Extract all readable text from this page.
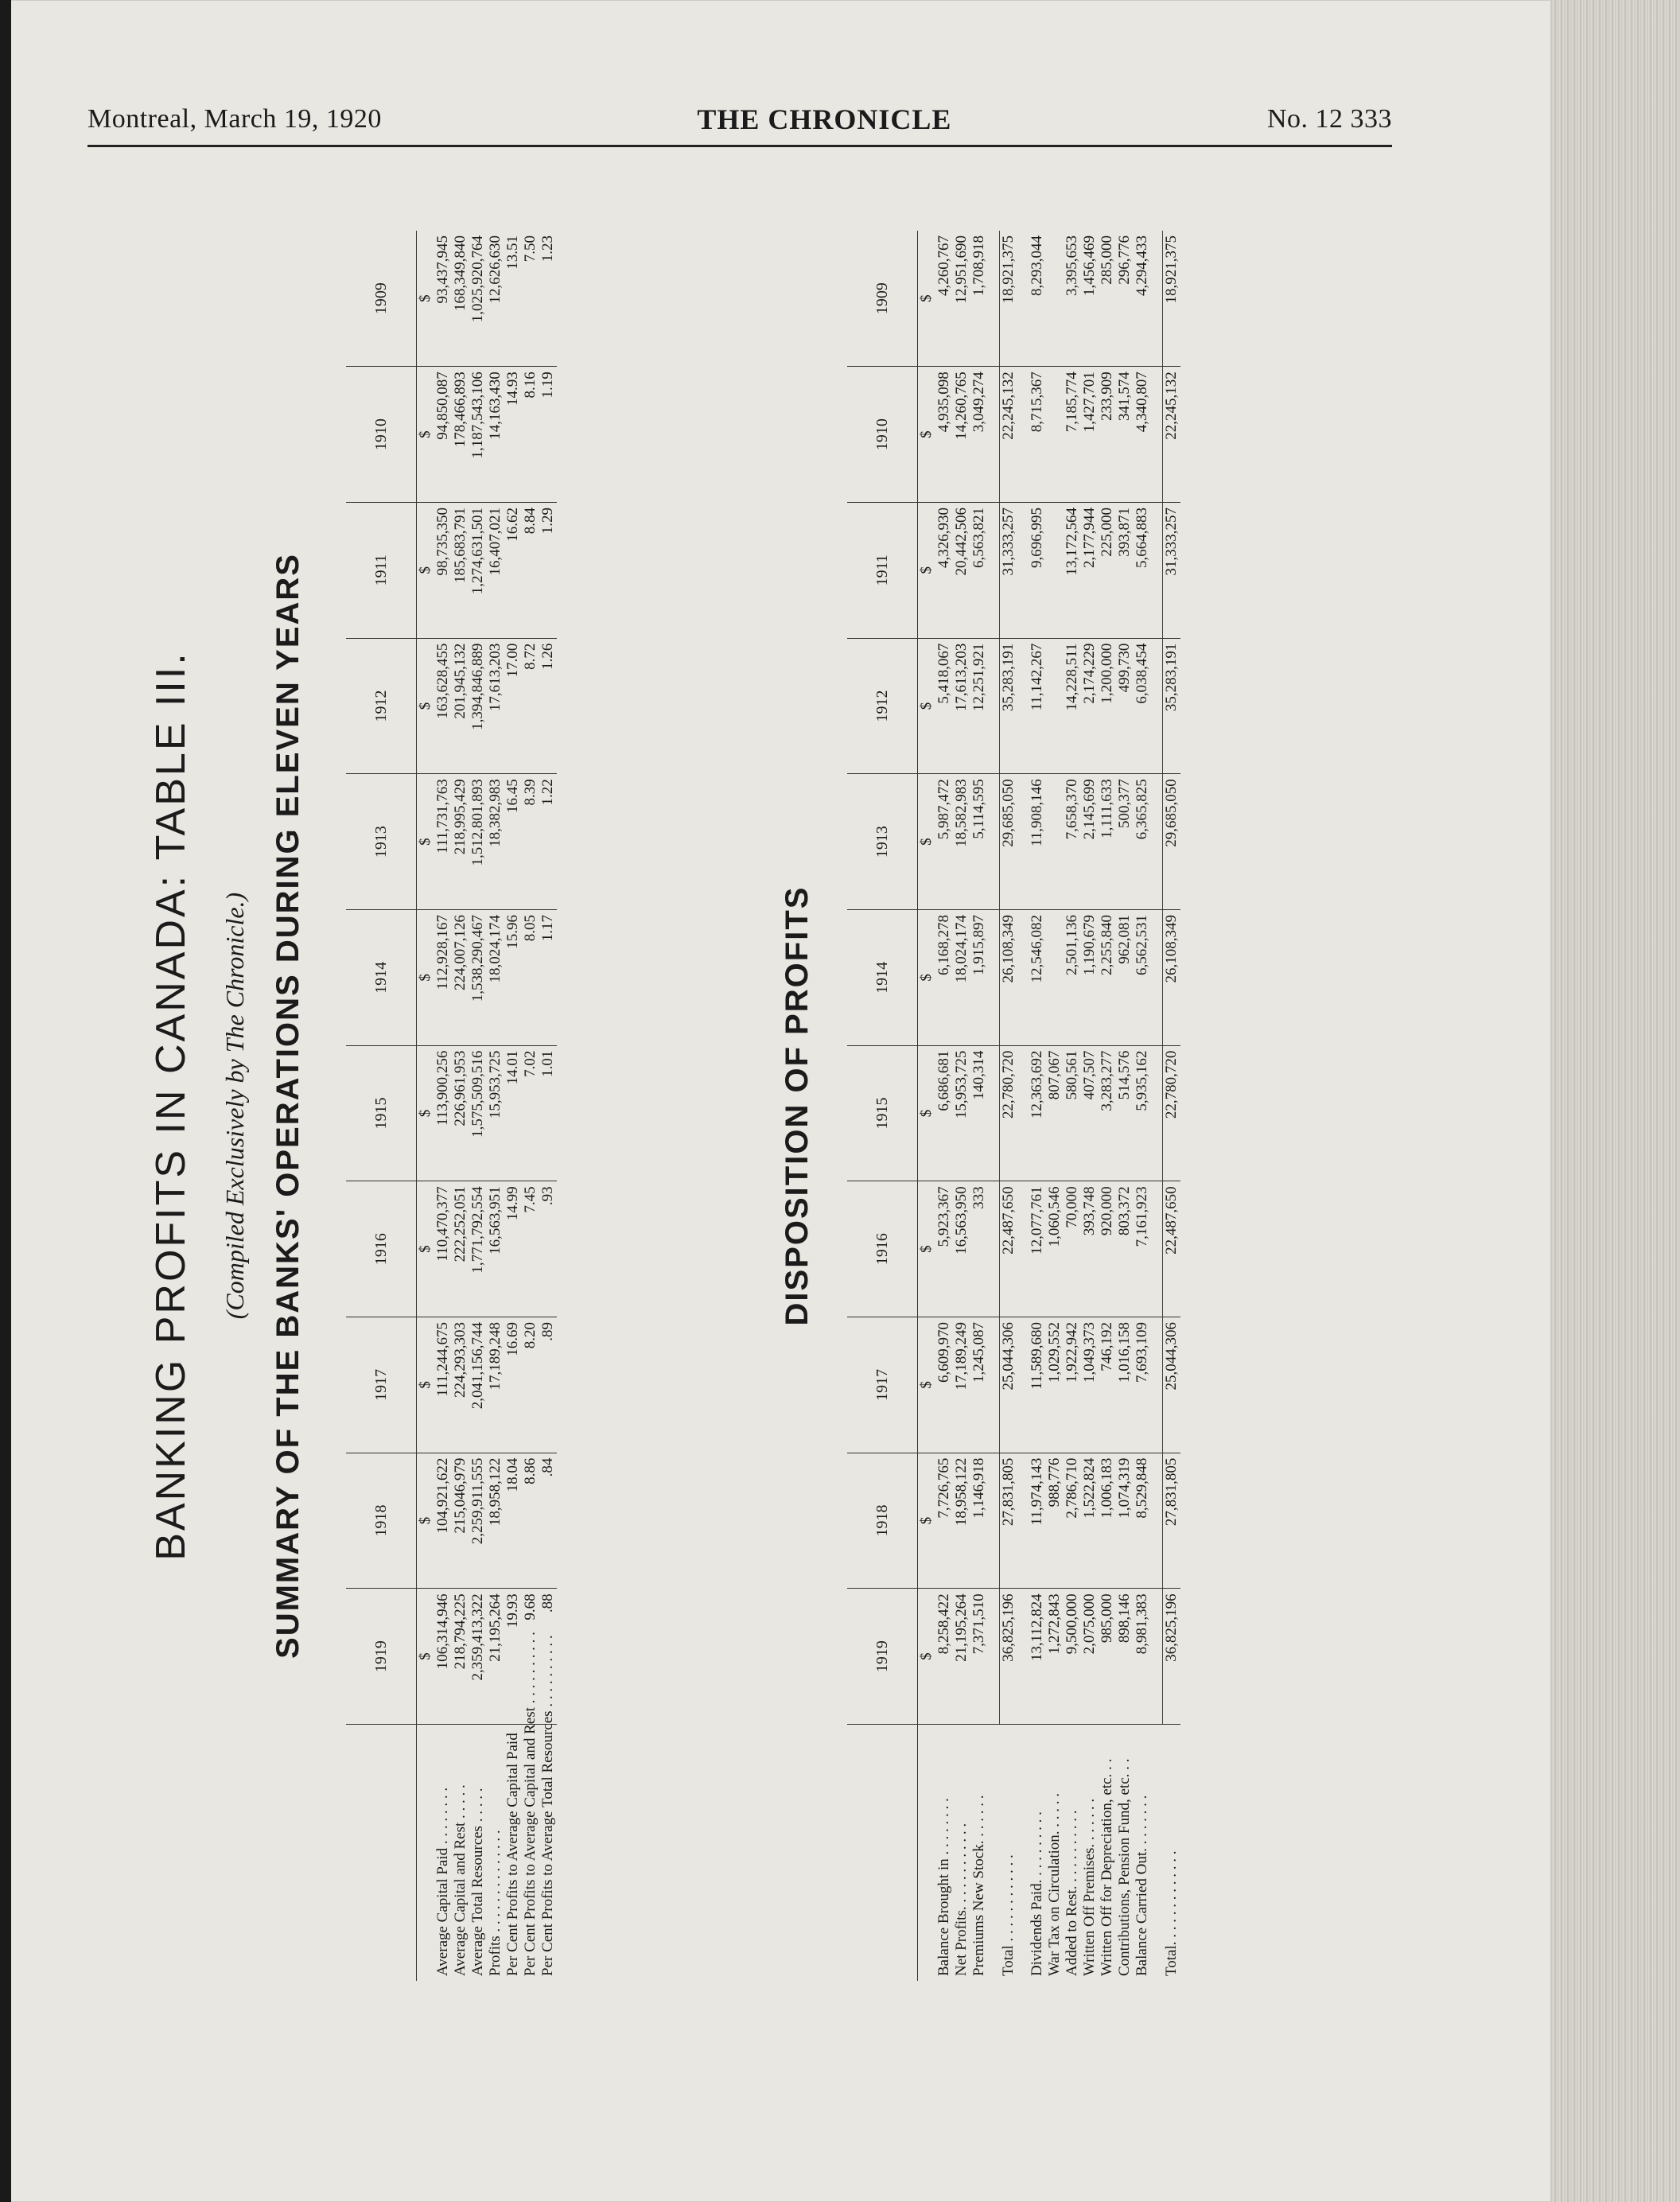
Montreal, March 19, 1920	THE CHRONICLE	No. 12 333
BANKING PROFITS IN CANADA: TABLE III. (Compiled Exclusively by The Chronicle.) SUMMARY OF THE BANKS' OPERATIONS DURING ELEVEN YEARS
		1919	1918	1917	1916	1915	1914	1913	1912	1911	1910	1909
	$	$	$	$	$	$	$	$	$	$	$
Average Capital Paid . . . . . . . .	106,314,946	104,921,622	111,244,675	110,470,377	113,900,256	112,928,167	111,731,763	163,628,455	98,735,350	94,850,087	93,437,945
Average Capital and Rest . . . . .	218,794,225	215,046,979	224,293,303	222,252,051	226,961,953	224,007,126	218,995,429	201,945,132	185,683,791	178,466,893	168,349,840
Average Total Resources . . . . .	2,359,413,322	2,259,911,555	2,041,156,744	1,771,792,554	1,575,509,516	1,538,290,467	1,512,801,893	1,394,846,889	1,274,631,501	1,187,543,106	1,025,920,764
Profits . . . . . . . . . . . . . .	21,195,264	18,958,122	17,189,248	16,563,951	15,953,725	18,024,174	18,382,983	17,613,203	16,407,021	14,163,430	12,626,630
Per Cent Profits to Average Capital Paid	19.93	18.04	16.69	14.99	14.01	15.96	16.45	17.00	16.62	14.93	13.51
Per Cent Profits to Average Capital and Rest . . . . . . . . . .	9.68	8.86	8.20	7.45	7.02	8.05	8.39	8.72	8.84	8.16	7.50
Per Cent Profits to Average Total Resources . . . . . . . . . .	.88	.84	.89	.93	1.01	1.17	1.22	1.26	1.29	1.19	1.23
DISPOSITION OF PROFITS
	1919	1918	1917	1916	1915	1914	1913	1912	1911	1910	1909
	$	$	$	$	$	$	$	$	$	$	$
Balance Brought in . . . . . . . .	8,258,422	7,726,765	6,609,970	5,923,367	6,686,681	6,168,278	5,987,472	5,418,067	4,326,930	4,935,098	4,260,767
Net Profits. . . . . . . . . . . .	21,195,264	18,958,122	17,189,249	16,563,950	15,953,725	18,024,174	18,582,983	17,613,203	20,442,506	14,260,765	12,951,690
Premiums New Stock. . . . . . .	7,371,510	1,146,918	1,245,087	333	140,314	1,915,897	5,114,595	12,251,921	6,563,821	3,049,274	1,708,918

Total . . . . . . . . . . . .	36,825,196	27,831,805	25,044,306	22,487,650	22,780,720	26,108,349	29,685,050	35,283,191	31,333,257	22,245,132	18,921,375

Dividends Paid. . . . . . . . . .	13,112,824	11,974,143	11,589,680	12,077,761	12,363,692	12,546,082	11,908,146	11,142,267	9,696,995	8,715,367	8,293,044
War Tax on Circulation. . . . . .	1,272,843	988,776	1,029,552	1,060,546	807,067						
Added to Rest. . . . . . . . . . .	9,500,000	2,786,710	1,922,942	70,000	580,561	2,501,136	7,658,370	14,228,511	13,172,564	7,185,774	3,395,653
Written Off Premises. . . . . . .	2,075,000	1,522,824	1,049,373	393,748	407,507	1,190,679	2,145,699	2,174,229	2,177,944	1,427,701	1,456,469
Written Off for Depreciation, etc. . .	985,000	1,006,183	746,192	920,000	3,283,277	2,255,840	1,111,633	1,200,000	225,000	233,909	285,000
Contributions, Pension Fund, etc. . .	898,146	1,074,319	1,016,158	803,372	514,576	962,081	500,377	499,730	393,871	341,574	296,776
Balance Carried Out. . . . . . . .	8,981,383	8,529,848	7,693,109	7,161,923	5,935,162	6,562,531	6,365,825	6,038,454	5,664,883	4,340,807	4,294,433

Total. . . . . . . . . . . . .	36,825,196	27,831,805	25,044,306	22,487,650	22,780,720	26,108,349	29,685,050	35,283,191	31,333,257	22,245,132	18,921,375
